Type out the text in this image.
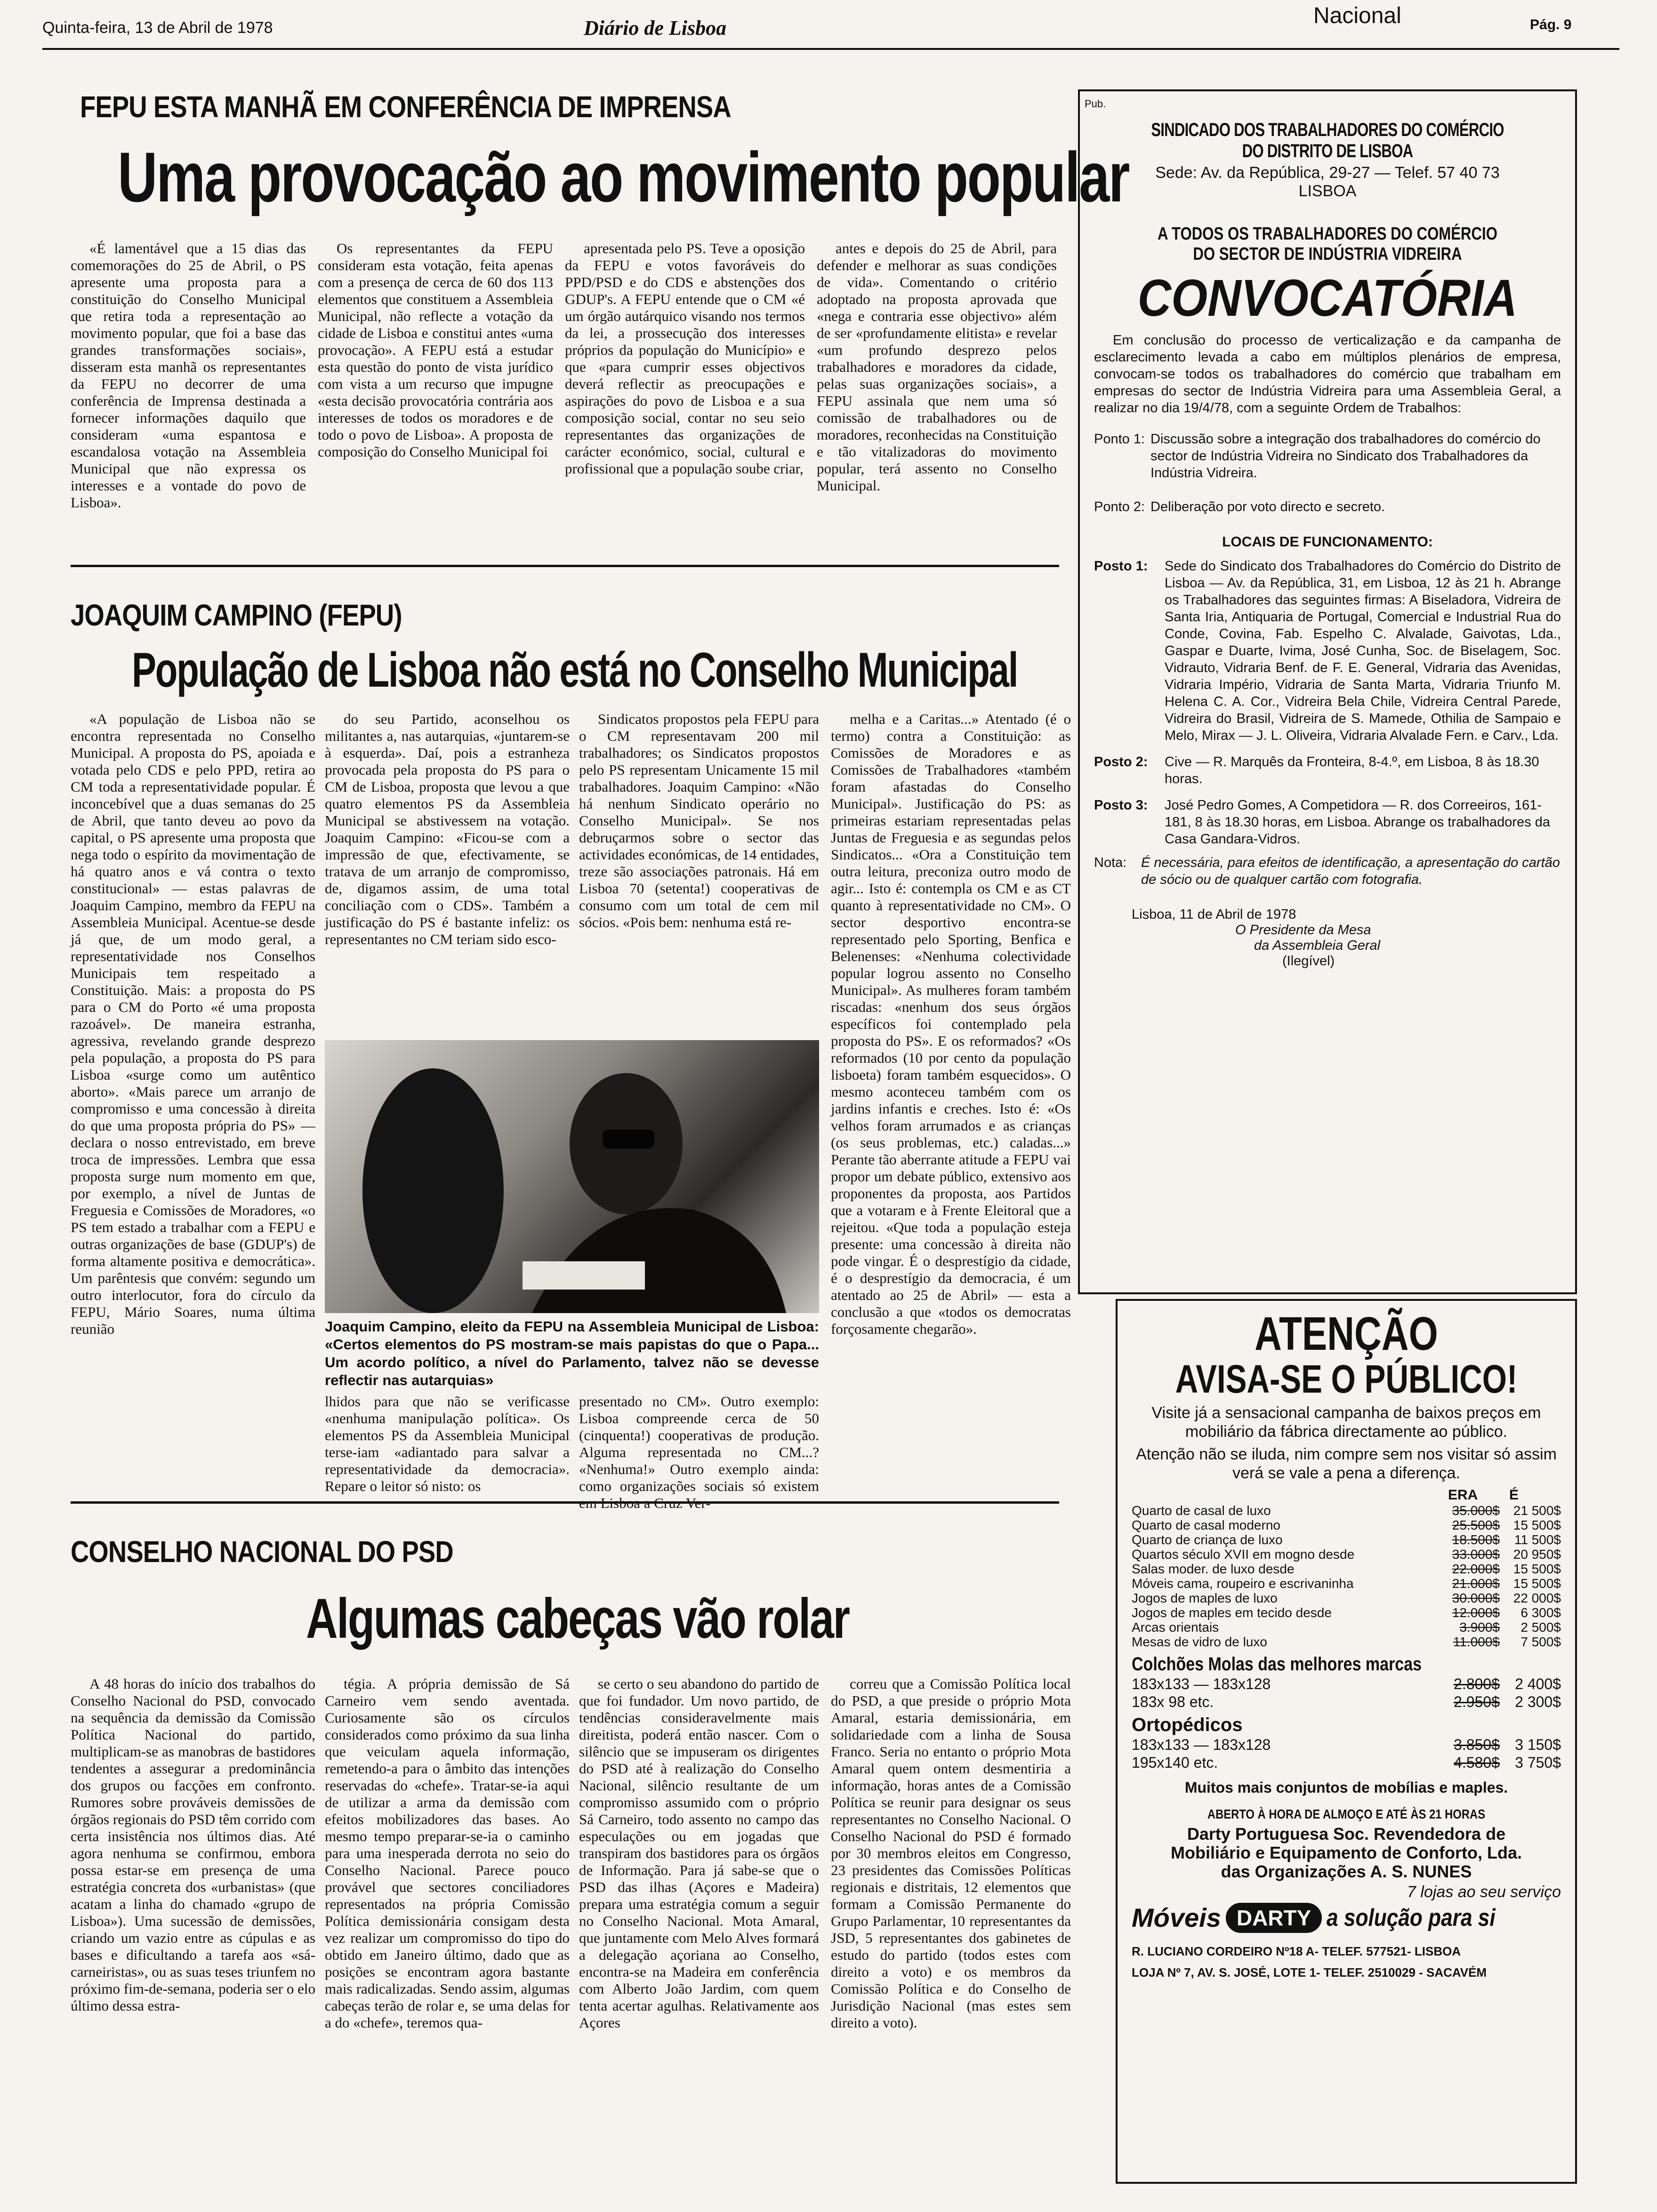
Quinta-feira, 13 de Abril de 1978	Diário de Lisboa	Nacional	Pág. 9
FEPU ESTA MANHÃ EM CONFERÊNCIA DE IMPRENSA
Uma provocação ao movimento popular
«É lamentável que a 15 dias das comemorações do 25 de Abril, o PS apresente uma proposta para a constituição do Conselho Municipal que retira toda a representação ao movimento popular, que foi a base das grandes transformações sociais», disseram esta manhã os representantes da FEPU no decorrer de uma conferência de Imprensa destinada a fornecer informações daquilo que consideram «uma espantosa e escandalosa votação na Assembleia Municipal que não expressa os interesses e a vontade do povo de Lisboa».
Os representantes da FEPU consideram esta votação, feita apenas com a presença de cerca de 60 dos 113 elementos que constituem a Assembleia Municipal, não reflecte a votação da cidade de Lisboa e constitui antes «uma provocação». A FEPU está a estudar esta questão do ponto de vista jurídico com vista a um recurso que impugne «esta decisão provocatória contrária aos interesses de todos os moradores e de todo o povo de Lisboa». A proposta de composição do Conselho Municipal foi
apresentada pelo PS. Teve a oposição da FEPU e votos favoráveis do PPD/PSD e do CDS e abstenções dos GDUP's. A FEPU entende que o CM «é um órgão autárquico visando nos termos da lei, a prossecução dos interesses próprios da população do Município» e que «para cumprir esses objectivos deverá reflectir as preocupações e aspirações do povo de Lisboa e a sua composição social, contar no seu seio representantes das organizações de carácter económico, social, cultural e profissional que a população soube criar,
antes e depois do 25 de Abril, para defender e melhorar as suas condições de vida». Comentando o critério adoptado na proposta aprovada que «nega e contraria esse objectivo» além de ser «profundamente elitista» e revelar «um profundo desprezo pelos trabalhadores e moradores da cidade, pelas suas organizações sociais», a FEPU assinala que nem uma só comissão de trabalhadores ou de moradores, reconhecidas na Constituição e tão vitalizadoras do movimento popular, terá assento no Conselho Municipal.
JOAQUIM CAMPINO (FEPU)
População de Lisboa não está no Conselho Municipal
«A população de Lisboa não se encontra representada no Conselho Municipal. A proposta do PS, apoiada e votada pelo CDS e pelo PPD, retira ao CM toda a representatividade popular. É inconcebível que a duas semanas do 25 de Abril, que tanto deveu ao povo da capital, o PS apresente uma proposta que nega todo o espírito da movimentação de há quatro anos e vá contra o texto constitucional» — estas palavras de Joaquim Campino, membro da FEPU na Assembleia Municipal. Acentue-se desde já que, de um modo geral, a representatividade nos Conselhos Municipais tem respeitado a Constituição. Mais: a proposta do PS para o CM do Porto «é uma proposta razoável». De maneira estranha, agressiva, revelando grande desprezo pela população, a proposta do PS para Lisboa «surge como um autêntico aborto». «Mais parece um arranjo de compromisso e uma concessão à direita do que uma proposta própria do PS» — declara o nosso entrevistado, em breve troca de impressões. Lembra que essa proposta surge num momento em que, por exemplo, a nível de Juntas de Freguesia e Comissões de Moradores, «o PS tem estado a trabalhar com a FEPU e outras organizações de base (GDUP's) de forma altamente positiva e democrática». Um parêntesis que convém: segundo um outro interlocutor, fora do círculo da FEPU, Mário Soares, numa última reunião
do seu Partido, aconselhou os militantes a, nas autarquias, «juntarem-se à esquerda». Daí, pois a estranheza provocada pela proposta do PS para o CM de Lisboa, proposta que levou a que quatro elementos PS da Assembleia Municipal se abstivessem na votação. Joaquim Campino: «Ficou-se com a impressão de que, efectivamente, se tratava de um arranjo de compromisso, de, digamos assim, de uma total conciliação com o CDS». Também a justificação do PS é bastante infeliz: os representantes no CM teriam sido esco-
Sindicatos propostos pela FEPU para o CM representavam 200 mil trabalhadores; os Sindicatos propostos pelo PS representam Unicamente 15 mil trabalhadores. Joaquim Campino: «Não há nenhum Sindicato operário no Conselho Municipal». Se nos debruçarmos sobre o sector das actividades económicas, de 14 entidades, treze são associações patronais. Há em Lisboa 70 (setenta!) cooperativas de consumo com um total de cem mil sócios. «Pois bem: nenhuma está re-
melha e a Caritas...» Atentado (é o termo) contra a Constituição: as Comissões de Moradores e as Comissões de Trabalhadores «também foram afastadas do Conselho Municipal». Justificação do PS: as primeiras estariam representadas pelas Juntas de Freguesia e as segundas pelos Sindicatos... «Ora a Constituição tem outra leitura, preconiza outro modo de agir... Isto é: contempla os CM e as CT quanto à representatividade no CM». O sector desportivo encontra-se representado pelo Sporting, Benfica e Belenenses: «Nenhuma colectividade popular logrou assento no Conselho Municipal». As mulheres foram também riscadas: «nenhum dos seus órgãos específicos foi contemplado pela proposta do PS». E os reformados? «Os reformados (10 por cento da população lisboeta) foram também esquecidos». O mesmo aconteceu também com os jardins infantis e creches. Isto é: «Os velhos foram arrumados e as crianças (os seus problemas, etc.) caladas...» Perante tão aberrante atitude a FEPU vai propor um debate público, extensivo aos proponentes da proposta, aos Partidos que a votaram e à Frente Eleitoral que a rejeitou. «Que toda a população esteja presente: uma concessão à direita não pode vingar. É o desprestígio da cidade, é o desprestígio da democracia, é um atentado ao 25 de Abril» — esta a conclusão a que «todos os democratas forçosamente chegarão».
Joaquim Campino, eleito da FEPU na Assembleia Municipal de Lisboa: «Certos elementos do PS mostram-se mais papistas do que o Papa... Um acordo político, a nível do Parlamento, talvez não se devesse reflectir nas autarquias»
lhidos para que não se verificasse «nenhuma manipulação política». Os elementos PS da Assembleia Municipal terse-iam «adiantado para salvar a representatividade da democracia». Repare o leitor só nisto: os
presentado no CM». Outro exemplo: Lisboa compreende cerca de 50 (cinquenta!) cooperativas de produção. Alguma representada no CM...? «Nenhuma!» Outro exemplo ainda: como organizações sociais só existem
CONSELHO NACIONAL DO PSD
Algumas cabeças vão rolar
A 48 horas do início dos trabalhos do Conselho Nacional do PSD, convocado na sequência da demissão da Comissão Política Nacional do partido, multiplicam-se as manobras de bastidores tendentes a assegurar a predominância dos grupos ou facções em confronto. Rumores sobre prováveis demissões de órgãos regionais do PSD têm corrido com certa insistência nos últimos dias. Até agora nenhuma se confirmou, embora possa estar-se em presença de uma estratégia concreta dos «urbanistas» (que acatam a linha do chamado «grupo de Lisboa»). Uma sucessão de demissões, criando um vazio entre as cúpulas e as bases e dificultando a tarefa aos «sá-carneiristas», ou as suas teses triunfem no próximo fim-de-semana, poderia ser o elo último dessa estra-
tégia. A própria demissão de Sá Carneiro vem sendo aventada. Curiosamente são os círculos considerados como próximo da sua linha que veiculam aquela informação, remetendo-a para o âmbito das intenções reservadas do «chefe». Tratar-se-ia aqui de utilizar a arma da demissão com efeitos mobilizadores das bases. Ao mesmo tempo preparar-se-ia o caminho para uma inesperada derrota no seio do Conselho Nacional. Parece pouco provável que sectores conciliadores representados na própria Comissão Política demissionária consigam desta vez realizar um compromisso do tipo do obtido em Janeiro último, dado que as posições se encontram agora bastante mais radicalizadas. Sendo assim, algumas cabeças terão de rolar e, se uma delas for a do «chefe», teremos qua-
se certo o seu abandono do partido de que foi fundador. Um novo partido, de tendências consideravelmente mais direitista, poderá então nascer. Com o silêncio que se impuseram os dirigentes do PSD até à realização do Conselho Nacional, silêncio resultante de um compromisso assumido com o próprio Sá Carneiro, todo assento no campo das especulações ou em jogadas que transpiram dos bastidores para os órgãos de Informação. Para já sabe-se que o PSD das ilhas (Açores e Madeira) prepara uma estratégia comum a seguir no Conselho Nacional. Mota Amaral, que juntamente com Melo Alves formará a delegação açoriana ao Conselho, encontra-se na Madeira em conferência com Alberto João Jardim, com quem tenta acertar agulhas. Relativamente aos Açores
correu que a Comissão Política local do PSD, a que preside o próprio Mota Amaral, estaria demissionária, em solidariedade com a linha de Sousa Franco. Seria no entanto o próprio Mota Amaral quem ontem desmentiria a informação, horas antes de a Comissão Política se reunir para designar os seus representantes no Conselho Nacional. O Conselho Nacional do PSD é formado por 30 membros eleitos em Congresso, 23 presidentes das Comissões Políticas regionais e distritais, 12 elementos que formam a Comissão Permanente do Grupo Parlamentar, 10 representantes da JSD, 5 representantes dos gabinetes de estudo do partido (todos estes com direito a voto) e os membros da Comissão Política e do Conselho de Jurisdição Nacional (mas estes sem direito a voto).
Pub.
SINDICADO DOS TRABALHADORES DO COMÉRCIO
DO DISTRITO DE LISBOA
Sede: Av. da República, 29-27 — Telef. 57 40 73
LISBOA
A TODOS OS TRABALHADORES DO COMÉRCIO
DO SECTOR DE INDÚSTRIA VIDREIRA
CONVOCATÓRIA
Em conclusão do processo de verticalização e da campanha de esclarecimento levada a cabo em múltiplos plenários de empresa, convocam-se todos os trabalhadores do comércio que trabalham em empresas do sector de Indústria Vidreira para uma Assembleia Geral, a realizar no dia 19/4/78, com a seguinte Ordem de Trabalhos:
Ponto 1: Discussão sobre a integração dos trabalhadores do comércio do sector de Indústria Vidreira no Sindicato dos Trabalhadores da Indústria Vidreira.
Ponto 2: Deliberação por voto directo e secreto.
LOCAIS DE FUNCIONAMENTO:
Posto 1:	Sede do Sindicato dos Trabalhadores do Comércio do Distrito de Lisboa — Av. da República, 31, em Lisboa, 12 às 21 h. Abrange os Trabalhadores das seguintes firmas: A Biseladora, Vidreira de Santa Iria, Antiquaria de Portugal, Comercial e Industrial Rua do Conde, Covina, Fab. Espelho C. Alvalade, Gaivotas, Lda., Gaspar e Duarte, Ivima, José Cunha, Soc. de Biselagem, Soc. Vidrauto, Vidraria Benf. de F. E. General, Vidraria das Avenidas, Vidraria Império, Vidraria de Santa Marta, Vidraria Triunfo M. Helena C. A. Cor., Vidreira Bela Chile, Vidreira Central Parede, Vidreira do Brasil, Vidreira de S. Mamede, Othilia de Sampaio e Melo, Mirax — J. L. Oliveira, Vidraria Alvalade Fern. e Carv., Lda.
Posto 2:	Cive — R. Marquês da Fronteira, 8-4.º, em Lisboa, 8 às 18.30 horas.
Posto 3:	José Pedro Gomes, A Competidora — R. dos Correeiros, 161-181, 8 às 18.30 horas, em Lisboa. Abrange os trabalhadores da Casa Gandara-Vidros.
Nota:	É necessária, para efeitos de identificação, a apresentação do cartão de sócio ou de qualquer cartão com fotografia.
Lisboa, 11 de Abril de 1978
O Presidente da Mesa
da Assembleia Geral
(Ilegível)
ATENÇÃO
AVISA-SE O PÚBLICO!
Visite já a sensacional campanha de baixos preços em mobiliário da fábrica directamente ao público.
Atenção não se iluda, nim compre sem nos visitar só assim verá se vale a pena a diferença.
ERA	É
Quarto de casal de luxo	35.000$	21 500$
Quarto de casal moderno	25.500$	15 500$
Quarto de criança de luxo	18.500$	11 500$
Quartos século XVII em mogno desde	33.000$	20 950$
Salas moder. de luxo desde	22.000$	15 500$
Móveis cama, roupeiro e escrivaninha	21.000$	15 500$
Jogos de maples de luxo	30.000$	22 000$
Jogos de maples em tecido desde	12.000$	6 300$
Arcas orientais	3.900$	2 500$
Mesas de vidro de luxo	11.000$	7 500$
Colchões Molas das melhores marcas
183x133 — 183x128	2.800$	2 400$
183x 98 etc.	2.950$	2 300$
Ortopédicos
183x133 — 183x128	3.850$	3 150$
195x140 etc.	4.580$	3 750$
Muitos mais conjuntos de mobílias e maples.
ABERTO À HORA DE ALMOÇO E ATÉ ÀS 21 HORAS
Darty Portuguesa Soc. Revendedora de
Mobiliário e Equipamento de Conforto, Lda.
das Organizações A. S. NUNES
7 lojas ao seu serviço
Móveis DARTY a solução para si
R. LUCIANO CORDEIRO Nº18 A- TELEF. 577521- LISBOA
LOJA Nº 7, AV. S. JOSÉ, LOTE 1- TELEF. 2510029 - SACAVÉM
